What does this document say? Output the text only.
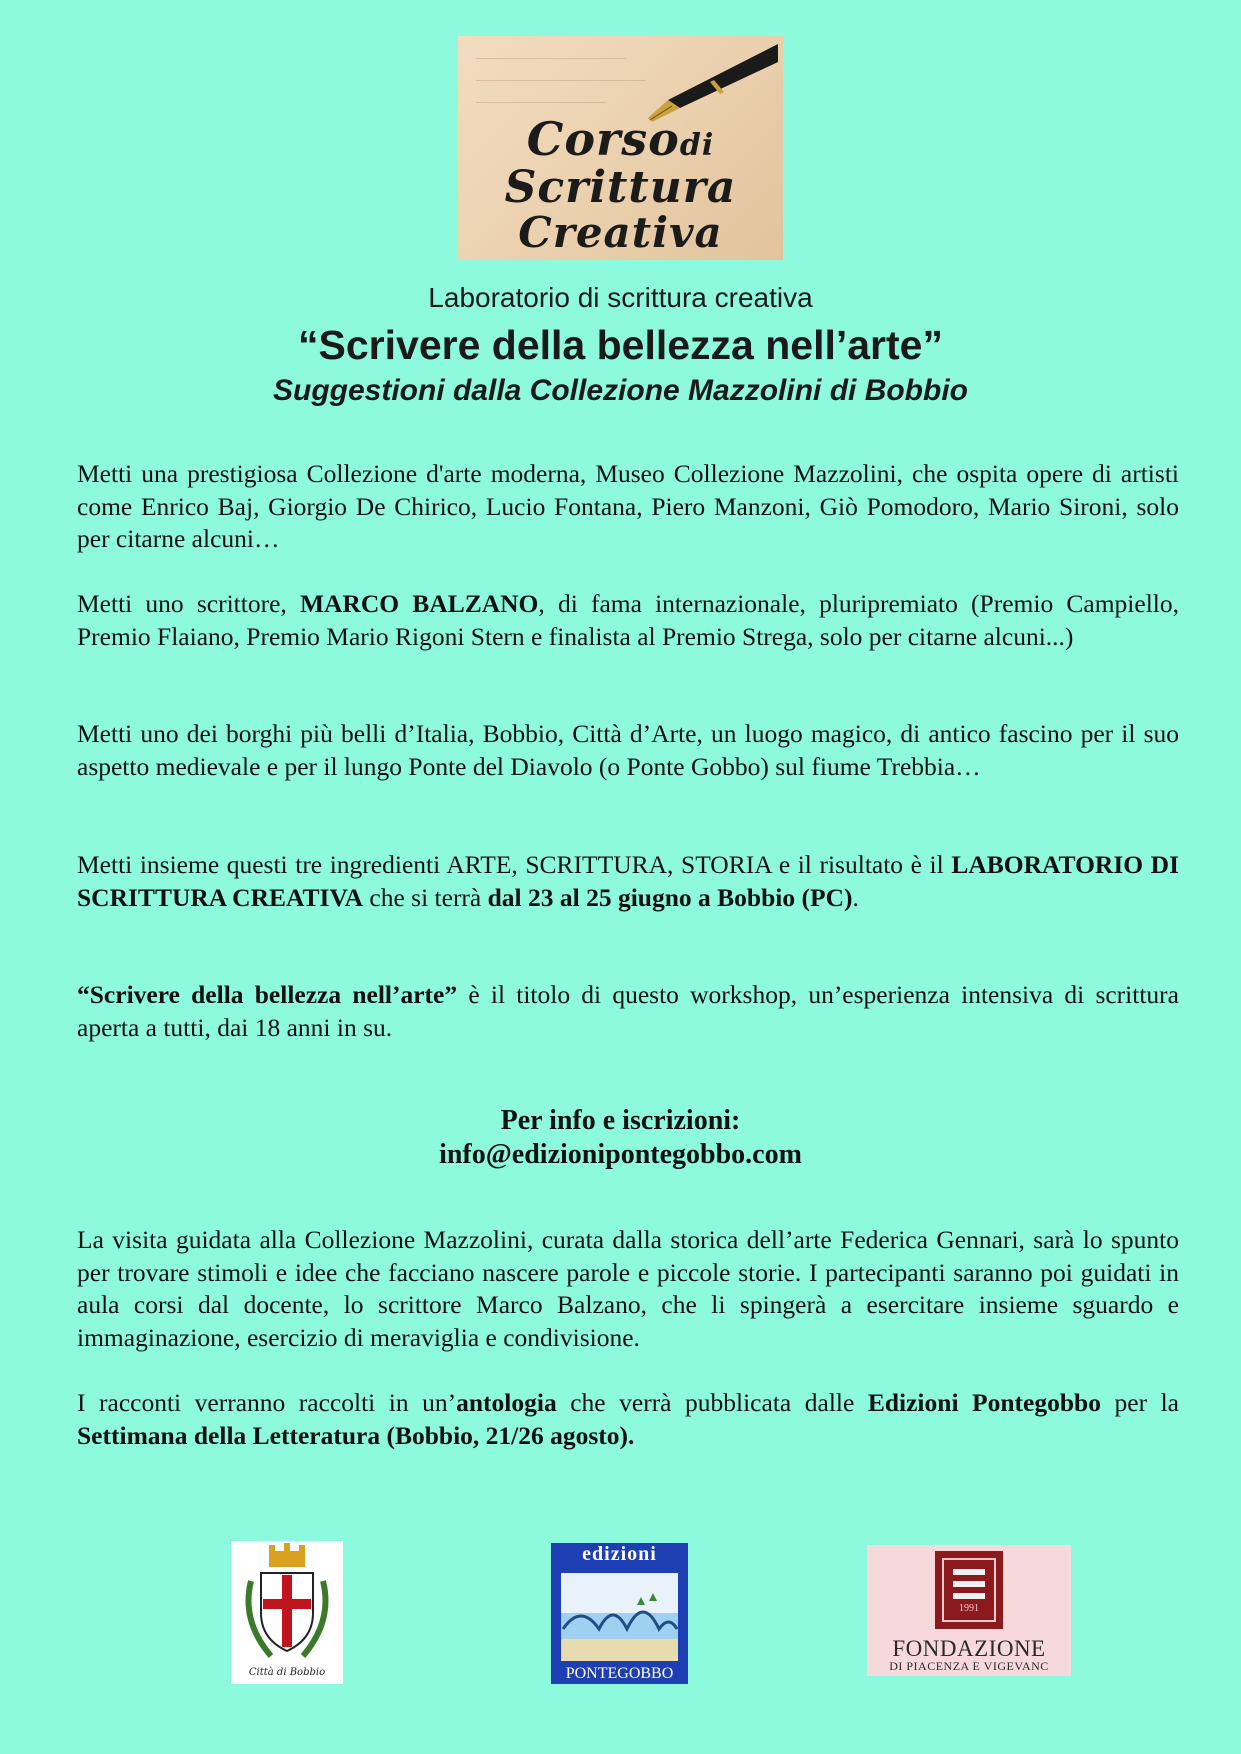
Corsodi
Scrittura
Creativa
Laboratorio di scrittura creativa
“Scrivere della bellezza nell’arte”
Suggestioni dalla Collezione Mazzolini di Bobbio
Metti una prestigiosa Collezione d'arte moderna, Museo Collezione Mazzolini, che ospita opere di artisti come Enrico Baj, Giorgio De Chirico, Lucio Fontana, Piero Manzoni, Giò Pomodoro, Mario Sironi, solo per citarne alcuni…
Metti uno scrittore, MARCO BALZANO, di fama internazionale, pluripremiato (Premio Campiello, Premio Flaiano, Premio Mario Rigoni Stern e finalista al Premio Strega, solo per citarne alcuni...)
Metti uno dei borghi più belli d’Italia, Bobbio, Città d’Arte, un luogo magico, di antico fascino per il suo aspetto medievale e per il lungo Ponte del Diavolo (o Ponte Gobbo) sul fiume Trebbia…
Metti insieme questi tre ingredienti ARTE, SCRITTURA, STORIA e il risultato è il LABORATORIO DI SCRITTURA CREATIVA che si terrà dal 23 al 25 giugno a Bobbio (PC).
“Scrivere della bellezza nell’arte” è il titolo di questo workshop, un’esperienza intensiva di scrittura aperta a tutti, dai 18 anni in su.
Per info e iscrizioni:
info@edizionipontegobbo.com
La visita guidata alla Collezione Mazzolini, curata dalla storica dell’arte Federica Gennari, sarà lo spunto per trovare stimoli e idee che facciano nascere parole e piccole storie. I partecipanti saranno poi guidati in aula corsi dal docente, lo scrittore Marco Balzano, che li spingerà a esercitare insieme sguardo e immaginazione, esercizio di meraviglia e condivisione.
I racconti verranno raccolti in un’antologia che verrà pubblicata dalle Edizioni Pontegobbo per la Settimana della Letteratura (Bobbio, 21/26 agosto).
Città di Bobbio
edizioni
PONTEGOBBO
1991
FONDAZIONE
DI PIACENZA E VIGEVANC
